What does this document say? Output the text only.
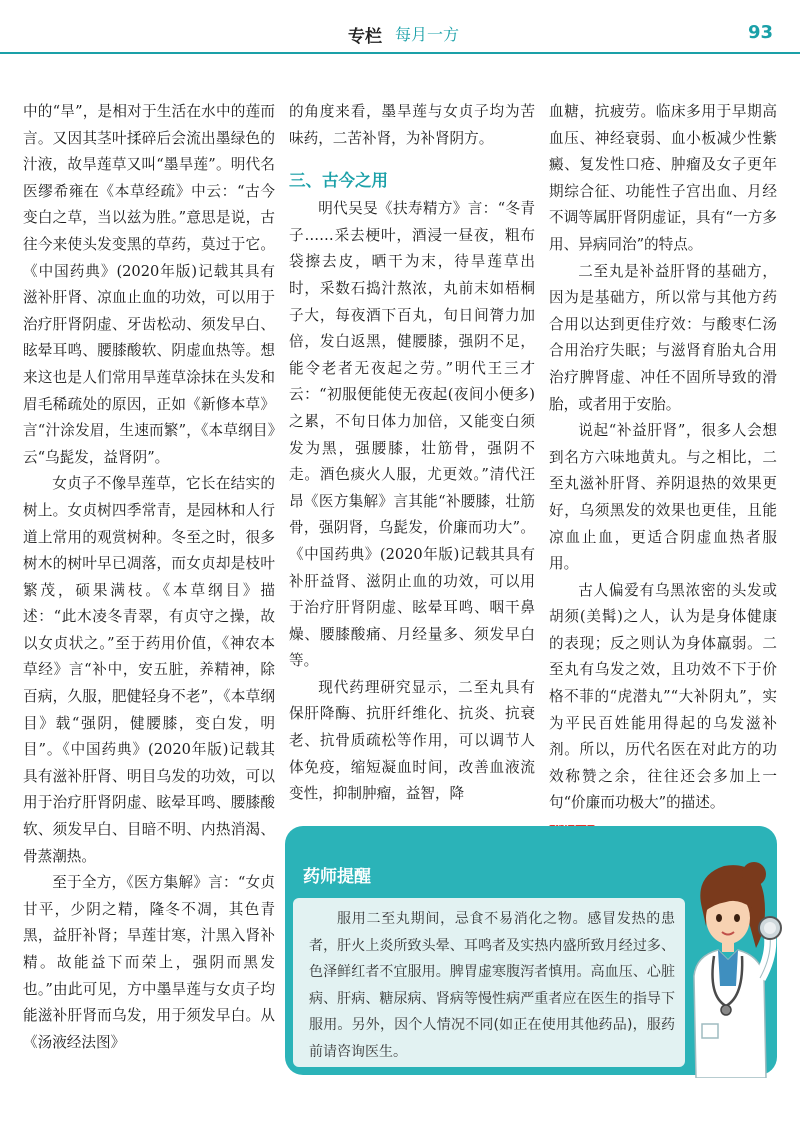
专栏 每月一方	93

中的“旱”，是相对于生活在水中的莲而言。又因其茎叶揉碎后会流出墨绿色的汁液，故旱莲草又叫“墨旱莲”。明代名医缪希雍在《本草经疏》中云：“古今变白之草，当以兹为胜。”意思是说，古往今来使头发变黑的草药，莫过于它。《中国药典》(2020年版)记载其具有滋补肝肾、凉血止血的功效，可以用于治疗肝肾阴虚、牙齿松动、须发早白、眩晕耳鸣、腰膝酸软、阴虚血热等。想来这也是人们常用旱莲草涂抹在头发和眉毛稀疏处的原因，正如《新修本草》言“汁涂发眉，生速而繁”，《本草纲目》云“乌髭发，益肾阴”。

女贞子不像旱莲草，它长在结实的树上。女贞树四季常青，是园林和人行道上常用的观赏树种。冬至之时，很多树木的树叶早已凋落，而女贞却是枝叶繁茂，硕果满枝。《本草纲目》描述：“此木凌冬青翠，有贞守之操，故以女贞状之。”至于药用价值，《神农本草经》言“补中，安五脏，养精神，除百病，久服，肥健轻身不老”，《本草纲目》载“强阴，健腰膝，变白发，明目”。《中国药典》(2020年版)记载其具有滋补肝肾、明目乌发的功效，可以用于治疗肝肾阴虚、眩晕耳鸣、腰膝酸软、须发早白、目暗不明、内热消渴、骨蒸潮热。

至于全方，《医方集解》言：“女贞甘平，少阴之精，隆冬不凋，其色青黑，益肝补肾；旱莲甘寒，汁黑入肾补精。故能益下而荣上，强阴而黑发也。”由此可见，方中墨旱莲与女贞子均能滋补肝肾而乌发，用于须发早白。从《汤液经法图》

的角度来看，墨旱莲与女贞子均为苦味药，二苦补肾，为补肾阴方。

三、古今之用

明代吴旻《扶寿精方》言：“冬青子……采去梗叶，酒浸一昼夜，粗布袋擦去皮，晒干为末，待旱莲草出时，采数石捣汁熬浓，丸前末如梧桐子大，每夜酒下百丸，旬日间膂力加倍，发白返黑，健腰膝，强阴不足，能令老者无夜起之劳。”明代王三才云：“初服便能使无夜起(夜间小便多)之累，不旬日体力加倍，又能变白须发为黑，强腰膝，壮筋骨，强阴不走。酒色痰火人服，尤更效。”清代汪昂《医方集解》言其能“补腰膝，壮筋骨，强阴肾，乌髭发，价廉而功大”。《中国药典》(2020年版)记载其具有补肝益肾、滋阴止血的功效，可以用于治疗肝肾阴虚、眩晕耳鸣、咽干鼻燥、腰膝酸痛、月经量多、须发早白等。

现代药理研究显示，二至丸具有保肝降酶、抗肝纤维化、抗炎、抗衰老、抗骨质疏松等作用，可以调节人体免疫，缩短凝血时间，改善血液流变性，抑制肿瘤，益智，降

血糖，抗疲劳。临床多用于早期高血压、神经衰弱、血小板减少性紫癜、复发性口疮、肿瘤及女子更年期综合征、功能性子宫出血、月经不调等属肝肾阴虚证，具有“一方多用、异病同治”的特点。

二至丸是补益肝肾的基础方，因为是基础方，所以常与其他方药合用以达到更佳疗效：与酸枣仁汤合用治疗失眠；与滋肾育胎丸合用治疗脾肾虚、冲任不固所导致的滑胎，或者用于安胎。

说起“补益肝肾”，很多人会想到名方六味地黄丸。与之相比，二至丸滋补肝肾、养阴退热的效果更好，乌须黑发的效果也更佳，且能凉血止血，更适合阴虚血热者服用。

古人偏爱有乌黑浓密的头发或胡须(美髯)之人，认为是身体健康的表现；反之则认为身体羸弱。二至丸有乌发之效，且功效不下于价格不菲的“虎潜丸”“大补阴丸”，实为平民百姓能用得起的乌发滋补剂。所以，历代名医在对此方的功效称赞之余，往往还会多加上一句“价廉而功极大”的描述。

药师提醒

服用二至丸期间，忌食不易消化之物。感冒发热的患者，肝火上炎所致头晕、耳鸣者及实热内盛所致月经过多、色泽鲜红者不宜服用。脾胃虚寒腹泻者慎用。高血压、心脏病、肝病、糖尿病、肾病等慢性病严重者应在医生的指导下服用。另外，因个人情况不同(如正在使用其他药品)，服药前请咨询医生。
